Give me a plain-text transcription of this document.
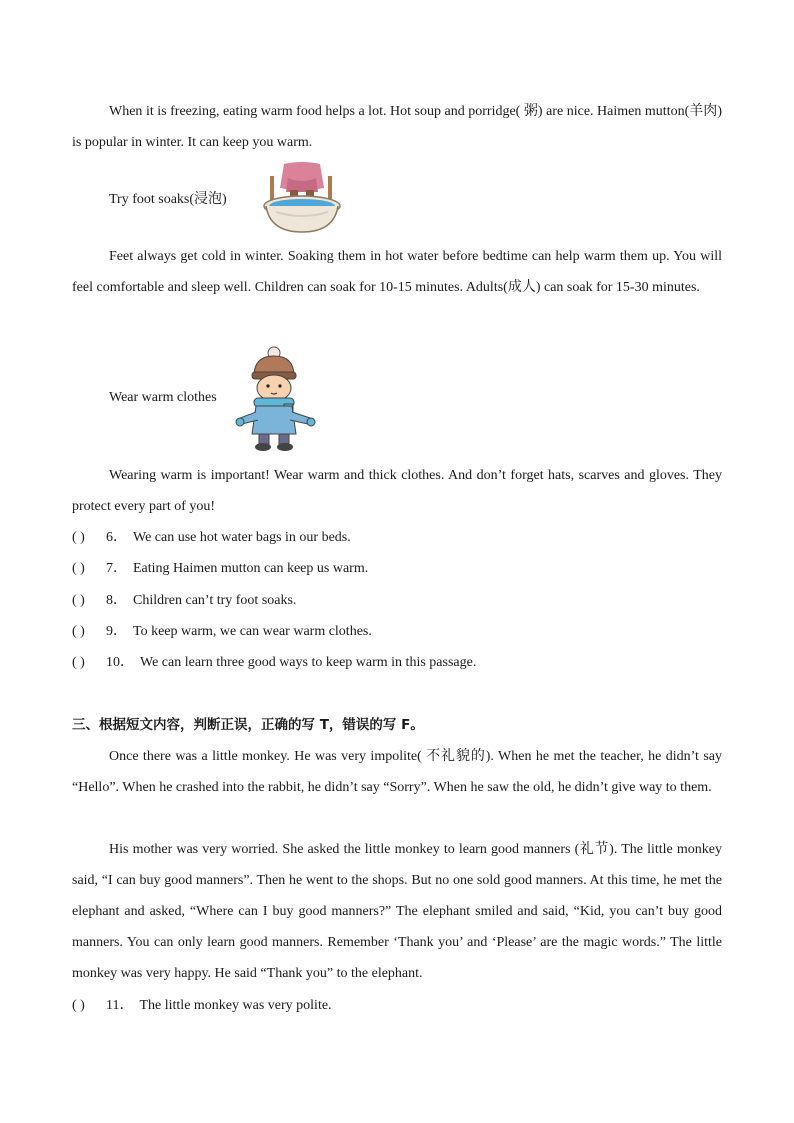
When it is freezing, eating warm food helps a lot. Hot soup and porridge( 粥) are nice. Haimen mutton(羊肉) is popular in winter. It can keep you warm.

Try foot soaks(浸泡)

Feet always get cold in winter. Soaking them in hot water before bedtime can help warm them up. You will feel comfortable and sleep well. Children can soak for 10-15 minutes. Adults(成人) can soak for 15-30 minutes.

Wear warm clothes

Wearing warm is important! Wear warm and thick clothes. And don’t forget hats, scarves and gloves. They protect every part of you!

( ) 6． We can use hot water bags in our beds.
( ) 7． Eating Haimen mutton can keep us warm.
( ) 8． Children can’t try foot soaks.
( ) 9． To keep warm, we can wear warm clothes.
( ) 10． We can learn three good ways to keep warm in this passage.
三、根据短文内容，判断正误，正确的写 T，错误的写 F。

Once there was a little monkey. He was very impolite( 不礼貌的). When he met the teacher, he didn’t say “Hello”. When he crashed into the rabbit, he didn’t say “Sorry”. When he saw the old, he didn’t give way to them.

His mother was very worried. She asked the little monkey to learn good manners (礼节). The little monkey said, “I can buy good manners”. Then he went to the shops. But no one sold good manners. At this time, he met the elephant and asked, “Where can I buy good manners?” The elephant smiled and said, “Kid, you can’t buy good manners. You can only learn good manners. Remember ‘Thank you’ and ‘Please’ are the magic words.” The little monkey was very happy. He said “Thank you” to the elephant.

( ) 11． The little monkey was very polite.
